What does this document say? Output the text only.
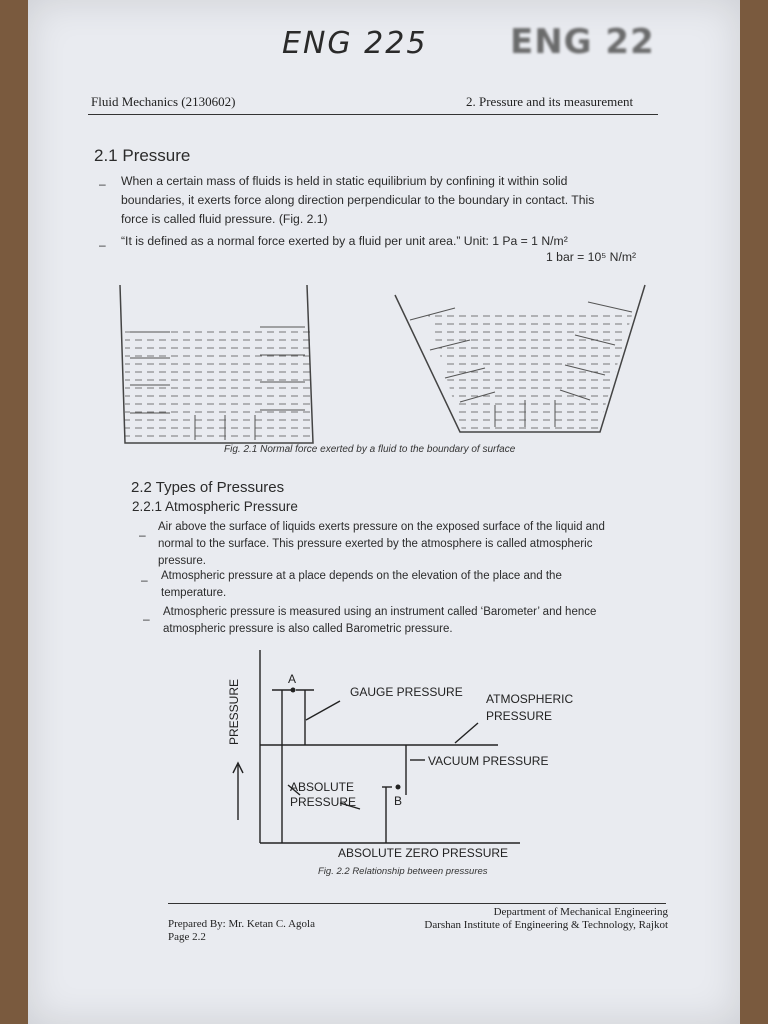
ENG 225 ENG 22
Fluid Mechanics (2130602)	2. Pressure and its measurement
2.1 Pressure
– When a certain mass of fluids is held in static equilibrium by confining it within solid
boundaries, it exerts force along direction perpendicular to the boundary in contact. This
force is called fluid pressure. (Fig. 2.1)
– “It is defined as a normal force exerted by a fluid per unit area.” Unit: 1 Pa = 1 N/m²
1 bar = 10⁵ N/m²
Fig. 2.1 Normal force exerted by a fluid to the boundary of surface
2.2 Types of Pressures
2.2.1 Atmospheric Pressure
–
Air above the surface of liquids exerts pressure on the exposed surface of the liquid and
normal to the surface. This pressure exerted by the atmosphere is called atmospheric
pressure.
– Atmospheric pressure at a place depends on the elevation of the place and the
temperature.
– Atmospheric pressure is measured using an instrument called ‘Barometer’ and hence
atmospheric pressure is also called Barometric pressure.
PRESSURE	A
B
GAUGE PRESSURE ATMOSPHERIC
PRESSURE
VACUUM PRESSURE
ABSOLUTE
PRESSURE
ABSOLUTE ZERO PRESSURE
Fig. 2.2 Relationship between pressures
Prepared By: Mr. Ketan C. Agola
Page 2.2
Department of Mechanical Engineering
Darshan Institute of Engineering & Technology, Rajkot
